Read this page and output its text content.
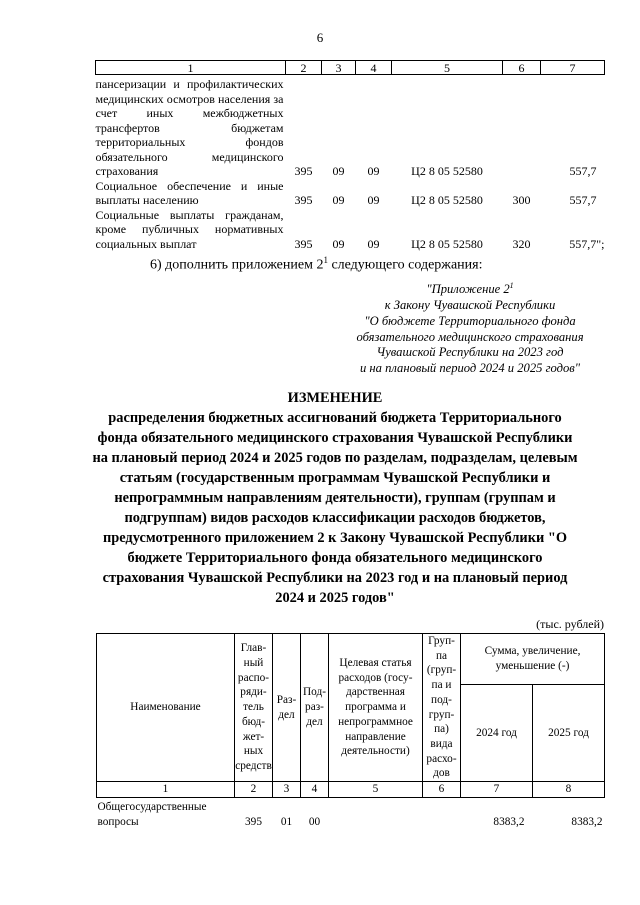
6
1	2	3	4	5	6	7
пансеризации и профилактических медицинских осмотров населения за счет иных межбюджетных трансфертов бюджетам территориальных фондов обязательного медицинского страхования	395	09	09	Ц2 8 05 52580		557,7
Социальное обеспечение и иные выплаты населению	395	09	09	Ц2 8 05 52580	300	557,7
Социальные выплаты гражданам, кроме публичных нормативных социальных выплат	395	09	09	Ц2 8 05 52580	320	557,7";
6) дополнить приложением $2^1$ следующего содержания:
"Приложение $2^1$
к Закону Чувашской Республики
"О бюджете Территориального фонда
обязательного медицинского страхования
Чувашской Республики на 2023 год
и на плановый период 2024 и 2025 годов"
ИЗМЕНЕНИЕ
распределения бюджетных ассигнований бюджета Территориального фонда обязательного медицинского страхования Чувашской Республики на плановый период 2024 и 2025 годов по разделам, подразделам, целевым статьям (государственным программам Чувашской Республики и непрограммным направлениям деятельности), группам (группам и подгруппам) видов расходов классификации расходов бюджетов, предусмотренного приложением 2 к Закону Чувашской Республики "О бюджете Территориального фонда обязательного медицинского страхования Чувашской Республики на 2023 год и на плановый период 2024 и 2025 годов"
(тыс. рублей)
Наименование	Глав-ный распо-ряди-тель бюд-жет-ных средств	Раз-дел	Под-раз-дел	Целевая статья расходов (госу-дарственная программа и непрограммное направление деятельности)	Груп-па (груп-па и под-груп-па) вида расхо-дов	Сумма, увеличение, уменьшение (-)	
						2024 год	2025 год
1	2	3	4	5	6	7	8
Общегосударственные вопросы	395	01	00			8383,2	8383,2
